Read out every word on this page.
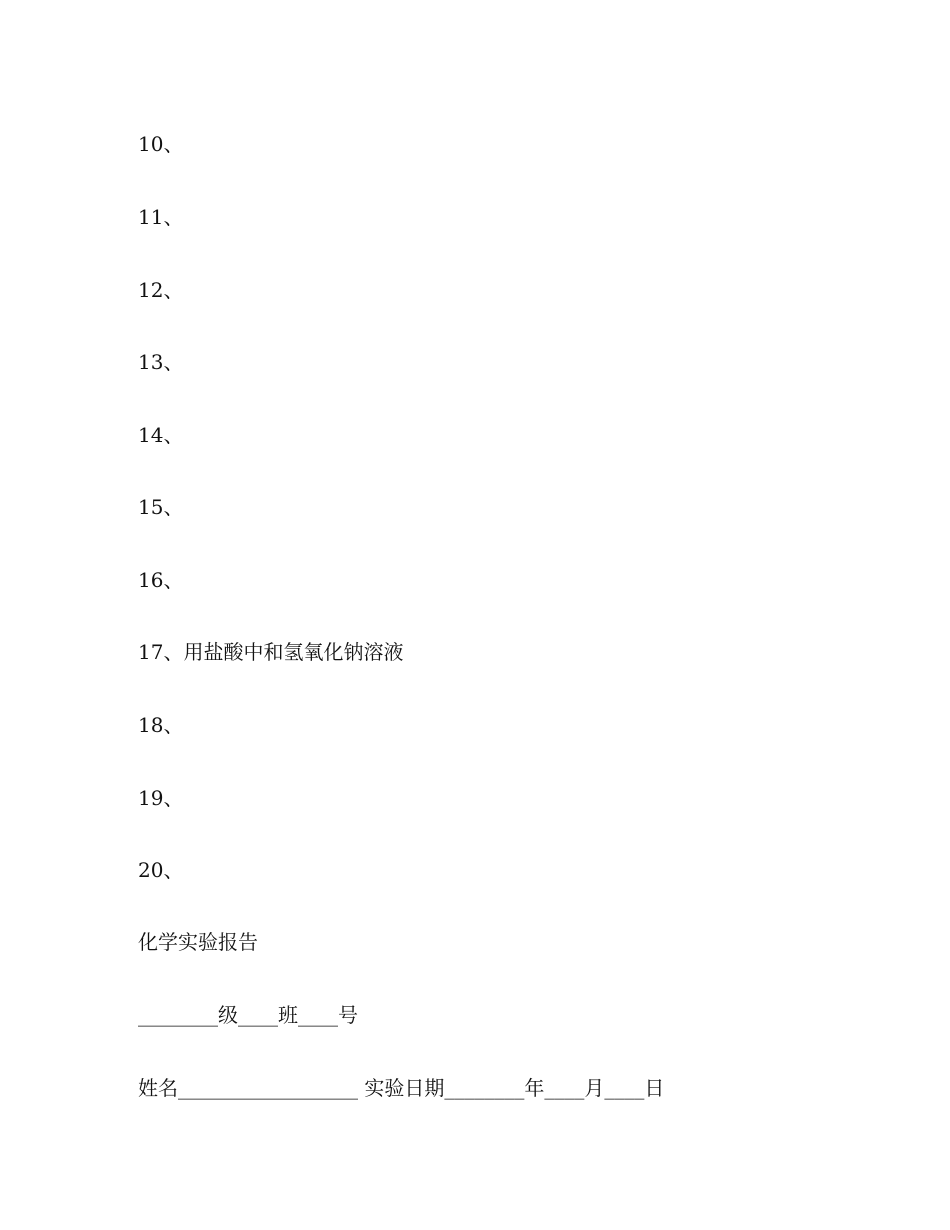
10、
11、
12、
13、
14、
15、
16、
17、用盐酸中和氢氧化钠溶液
18、
19、
20、
化学实验报告
________级____班____号
姓名__________________ 实验日期________年____月____日
